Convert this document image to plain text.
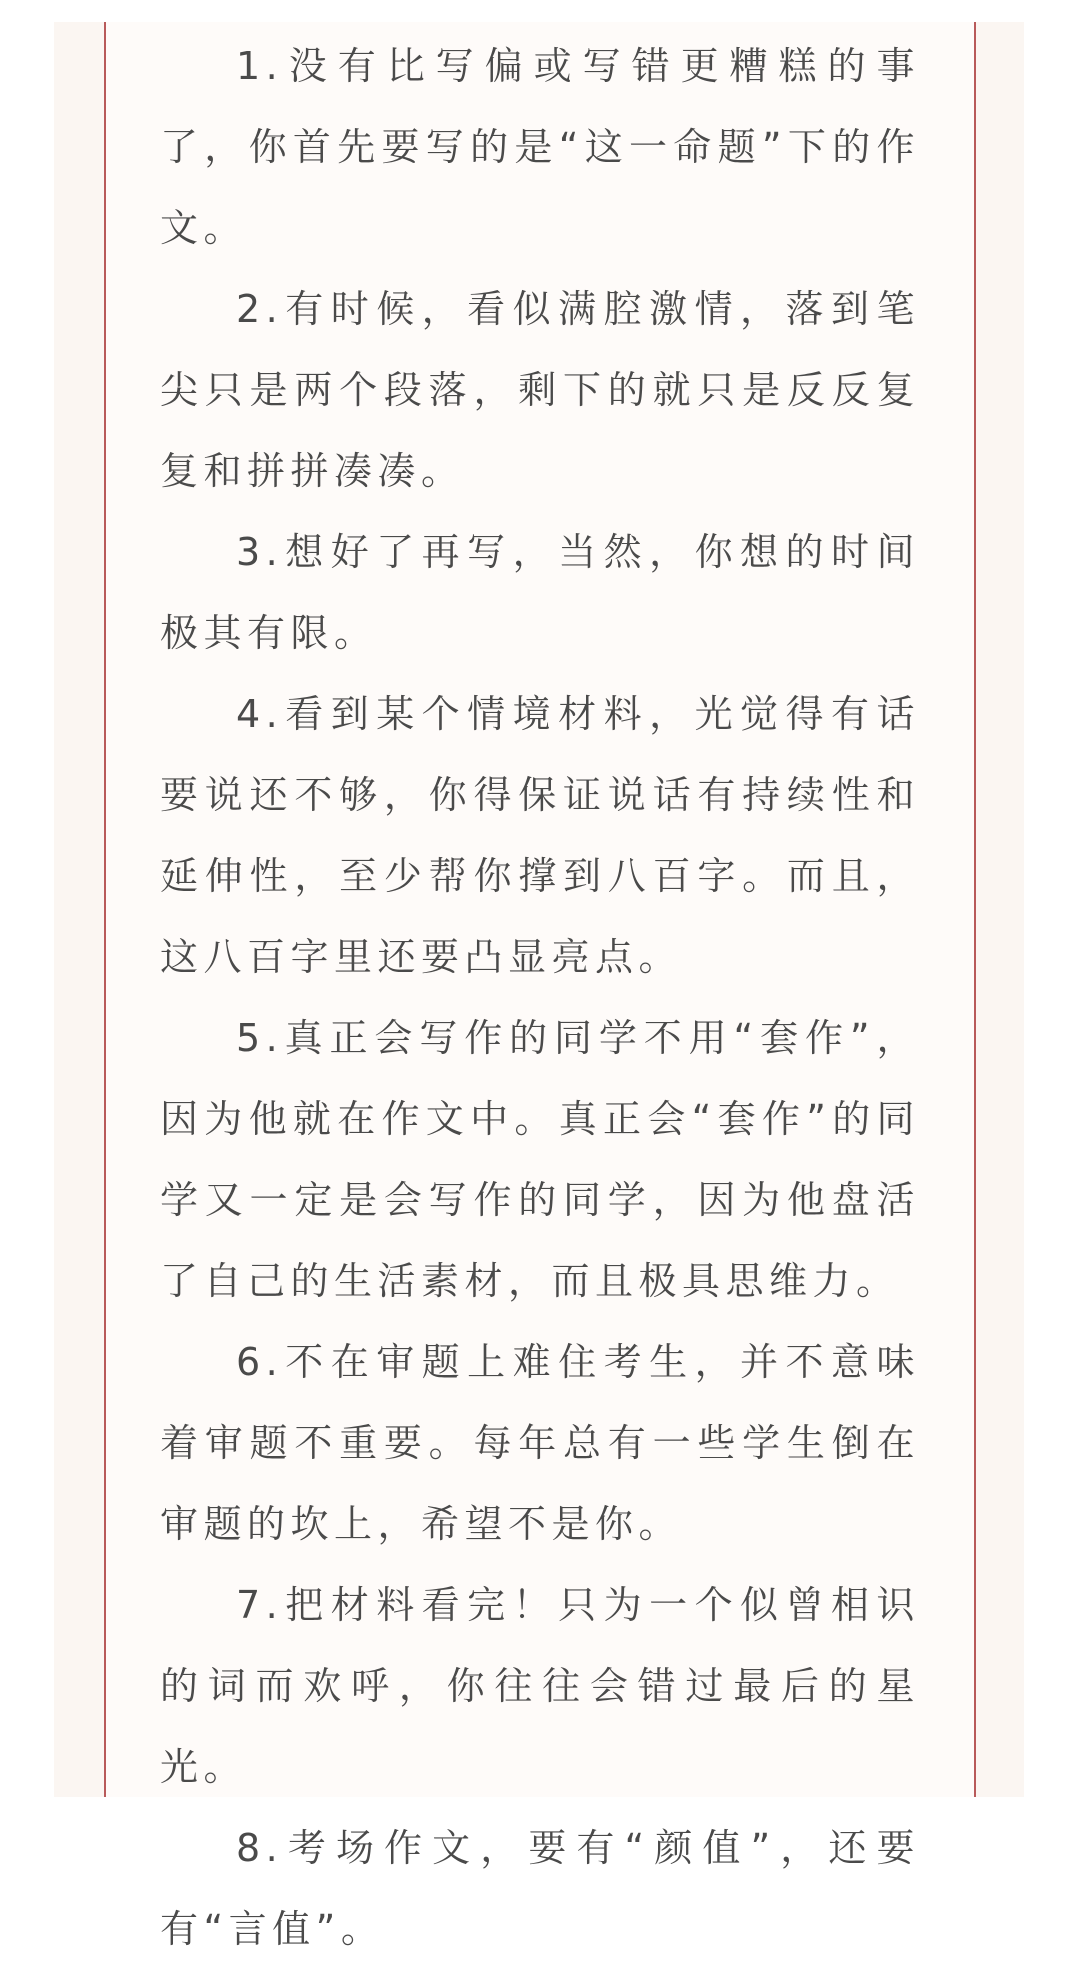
1.没有比写偏或写错更糟糕的事了，你首先要写的是“这一命题”下的作文。

2.有时候，看似满腔激情，落到笔尖只是两个段落，剩下的就只是反反复复和拼拼凑凑。

3.想好了再写，当然，你想的时间极其有限。

4.看到某个情境材料，光觉得有话要说还不够，你得保证说话有持续性和延伸性，至少帮你撑到八百字。而且，这八百字里还要凸显亮点。

5.真正会写作的同学不用“套作”，因为他就在作文中。真正会“套作”的同学又一定是会写作的同学，因为他盘活了自己的生活素材，而且极具思维力。

6.不在审题上难住考生，并不意味着审题不重要。每年总有一些学生倒在审题的坎上，希望不是你。

7.把材料看完！只为一个似曾相识的词而欢呼，你往往会错过最后的星光。

8.考场作文，要有“颜值”，还要有“言值”。
